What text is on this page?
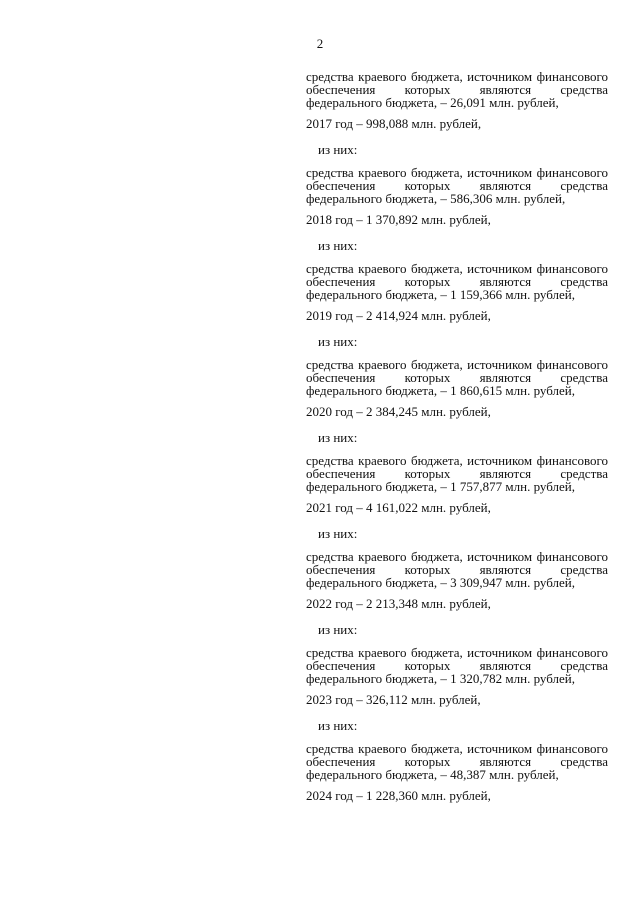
2

средства краевого бюджета, источником финансового обеспечения которых являются средства федерального бюджета, – 26,091 млн. рублей,

2017 год – 998,088 млн. рублей,

из них:

средства краевого бюджета, источником финансового обеспечения которых являются средства федерального бюджета, – 586,306 млн. рублей,

2018 год – 1 370,892 млн. рублей,

из них:

средства краевого бюджета, источником финансового обеспечения которых являются средства федерального бюджета, – 1 159,366 млн. рублей,

2019 год – 2 414,924 млн. рублей,

из них:

средства краевого бюджета, источником финансового обеспечения которых являются средства федерального бюджета, – 1 860,615 млн. рублей,

2020 год – 2 384,245 млн. рублей,

из них:

средства краевого бюджета, источником финансового обеспечения которых являются средства федерального бюджета, – 1 757,877 млн. рублей,

2021 год – 4 161,022 млн. рублей,

из них:

средства краевого бюджета, источником финансового обеспечения которых являются средства федерального бюджета, – 3 309,947 млн. рублей,

2022 год – 2 213,348 млн. рублей,

из них:

средства краевого бюджета, источником финансового обеспечения которых являются средства федерального бюджета, – 1 320,782 млн. рублей,

2023 год – 326,112 млн. рублей,

из них:

средства краевого бюджета, источником финансового обеспечения которых являются средства федерального бюджета, – 48,387 млн. рублей,

2024 год – 1 228,360 млн. рублей,
